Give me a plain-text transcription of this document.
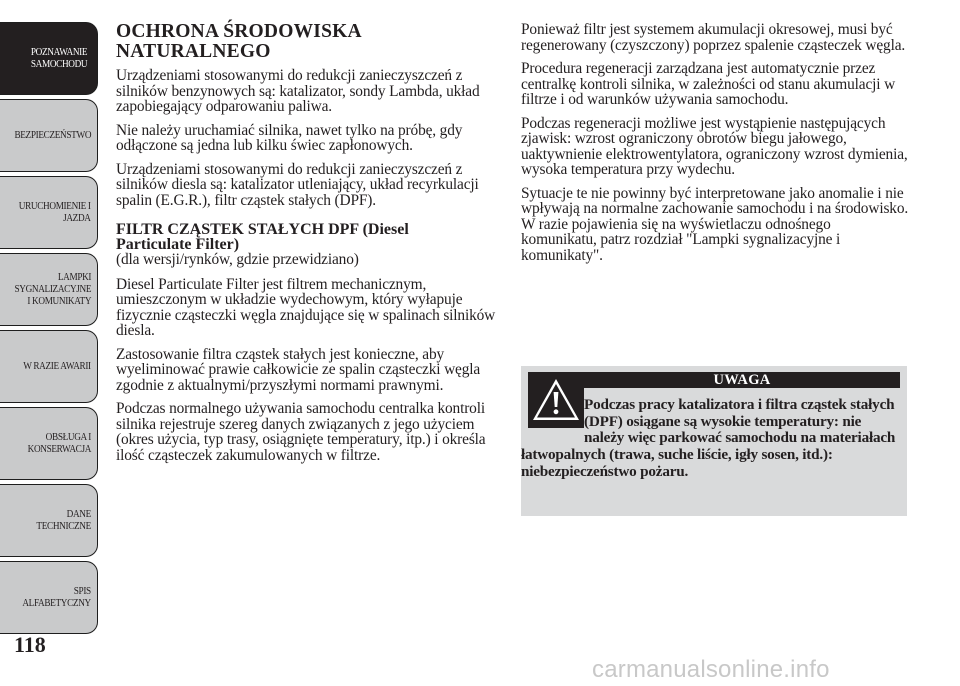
POZNAWANIE
SAMOCHODU
BEZPIECZEŃSTWO
URUCHOMIENIE I
JAZDA
LAMPKI
SYGNALIZACYJNE
I KOMUNIKATY
W RAZIE AWARII
OBSŁUGA I
KONSERWACJA
DANE
TECHNICZNE
SPIS
ALFABETYCZNY
118
OCHRONA ŚRODOWISKA
NATURALNEGO

Urządzeniami stosowanymi do redukcji zanieczyszczeń z silników benzynowych są: katalizator, sondy Lambda, układ zapobiegający odparowaniu paliwa.

Nie należy uruchamiać silnika, nawet tylko na próbę, gdy odłączone są jedna lub kilku świec zapłonowych.

Urządzeniami stosowanymi do redukcji zanieczyszczeń z silników diesla są: katalizator utleniający, układ recyrkulacji spalin (E.G.R.), filtr cząstek stałych (DPF).

FILTR CZĄSTEK STAŁYCH DPF (Diesel
Particulate Filter)

(dla wersji/rynków, gdzie przewidziano)

Diesel Particulate Filter jest filtrem mechanicznym, umieszczonym w układzie wydechowym, który wyłapuje fizycznie cząsteczki węgla znajdujące się w spalinach silników diesla.

Zastosowanie filtra cząstek stałych jest konieczne, aby wyeliminować prawie całkowicie ze spalin cząsteczki węgla zgodnie z aktualnymi/przyszłymi normami prawnymi.

Podczas normalnego używania samochodu centralka kontroli silnika rejestruje szereg danych związanych z jego użyciem (okres użycia, typ trasy, osiągnięte temperatury, itp.) i określa ilość cząsteczek zakumulowanych w filtrze.

Ponieważ filtr jest systemem akumulacji okresowej, musi być regenerowany (czyszczony) poprzez spalenie cząsteczek węgla.

Procedura regeneracji zarządzana jest automatycznie przez centralkę kontroli silnika, w zależności od stanu akumulacji w filtrze i od warunków używania samochodu.

Podczas regeneracji możliwe jest wystąpienie następujących zjawisk: wzrost ograniczony obrotów biegu jałowego, uaktywnienie elektrowentylatora, ograniczony wzrost dymienia, wysoka temperatura przy wydechu.

Sytuacje te nie powinny być interpretowane jako anomalie i nie wpływają na normalne zachowanie samochodu i na środowisko. W razie pojawienia się na wyświetlaczu odnośnego komunikatu, patrz rozdział "Lampki sygnalizacyjne i komunikaty".

UWAGA

Podczas pracy katalizatora i filtra cząstek stałych (DPF) osiągane są wysokie temperatury: nie należy więc parkować samochodu na materiałach łatwopalnych (trawa, suche liście, igły sosen, itd.): niebezpieczeństwo pożaru.

carmanualsonline.info
